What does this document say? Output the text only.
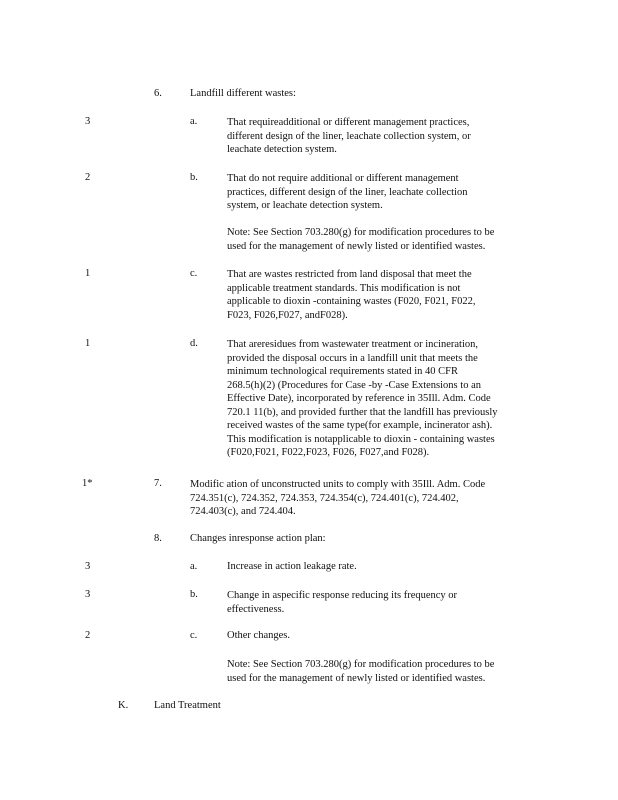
6.	Landfill different wastes:
3	a.	That requireadditional or different management practices,
different design of the liner, leachate collection system, or
leachate detection system.
2	b.	That do not require additional or different management
practices, different design of the liner, leachate collection
system, or leachate detection system.
Note: See Section 703.280(g) for modification procedures to be
used for the management of newly listed or identified wastes.
1	c.	That are wastes restricted from land disposal that meet the
applicable treatment standards. This modification is not
applicable to dioxin -containing wastes (F020, F021, F022,
F023, F026,F027, andF028).
1	d.	That areresidues from wastewater treatment or incineration,
provided the disposal occurs in a landfill unit that meets the
minimum technological requirements stated in 40 CFR
268.5(h)(2) (Procedures for Case -by -Case Extensions to an
Effective Date), incorporated by reference in 35Ill. Adm. Code
720.1 11(b), and provided further that the landfill has previously
received wastes of the same type(for example, incinerator ash).
This modification is notapplicable to dioxin - containing wastes
(F020,F021, F022,F023, F026, F027,and F028).
1*	7.	Modific ation of unconstructed units to comply with 35Ill. Adm. Code
724.351(c), 724.352, 724.353, 724.354(c), 724.401(c), 724.402,
724.403(c), and 724.404.
8.	Changes inresponse action plan:
3	a.	Increase in action leakage rate.
3	b.	Change in aspecific response reducing its frequency or
effectiveness.
2	c.	Other changes.
Note: See Section 703.280(g) for modification procedures to be
used for the management of newly listed or identified wastes.
K. Land Treatment
